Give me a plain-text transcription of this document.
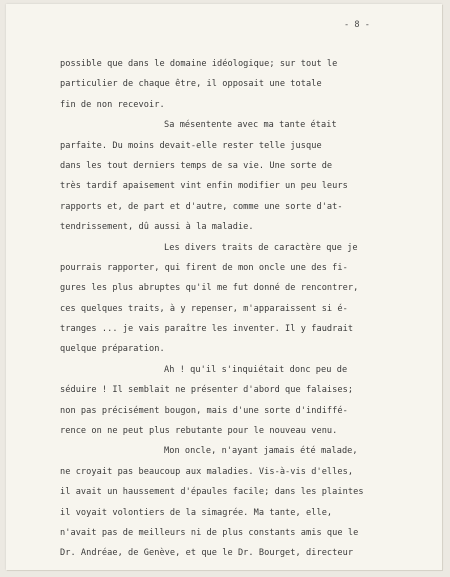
- 8 -

possible que dans le domaine idéologique; sur tout le

particulier de chaque être, il opposait une totale

fin de non recevoir.

Sa mésentente avec ma tante était

parfaite. Du moins devait-elle rester telle jusque

dans les tout derniers temps de sa vie. Une sorte de

très tardif apaisement vint enfin modifier un peu leurs

rapports et, de part et d'autre, comme une sorte d'at-

tendrissement, dû aussi à la maladie.

Les divers traits de caractère que je

pourrais rapporter, qui firent de mon oncle une des fi-

gures les plus abruptes qu'il me fut donné de rencontrer,

ces quelques traits, à y repenser, m'apparaissent si é-

tranges ... je vais paraître les inventer. Il y faudrait

quelque préparation.

Ah ! qu'il s'inquiétait donc peu de

séduire ! Il semblait ne présenter d'abord que falaises;

non pas précisément bougon, mais d'une sorte d'indiffé-

rence on ne peut plus rebutante pour le nouveau venu.

Mon oncle, n'ayant jamais été malade,

ne croyait pas beaucoup aux maladies. Vis-à-vis d'elles,

il avait un haussement d'épaules facile; dans les plaintes

il voyait volontiers de la simagrée. Ma tante, elle,

n'avait pas de meilleurs ni de plus constants amis que le

Dr. Andréae, de Genève, et que le Dr. Bourget, directeur
